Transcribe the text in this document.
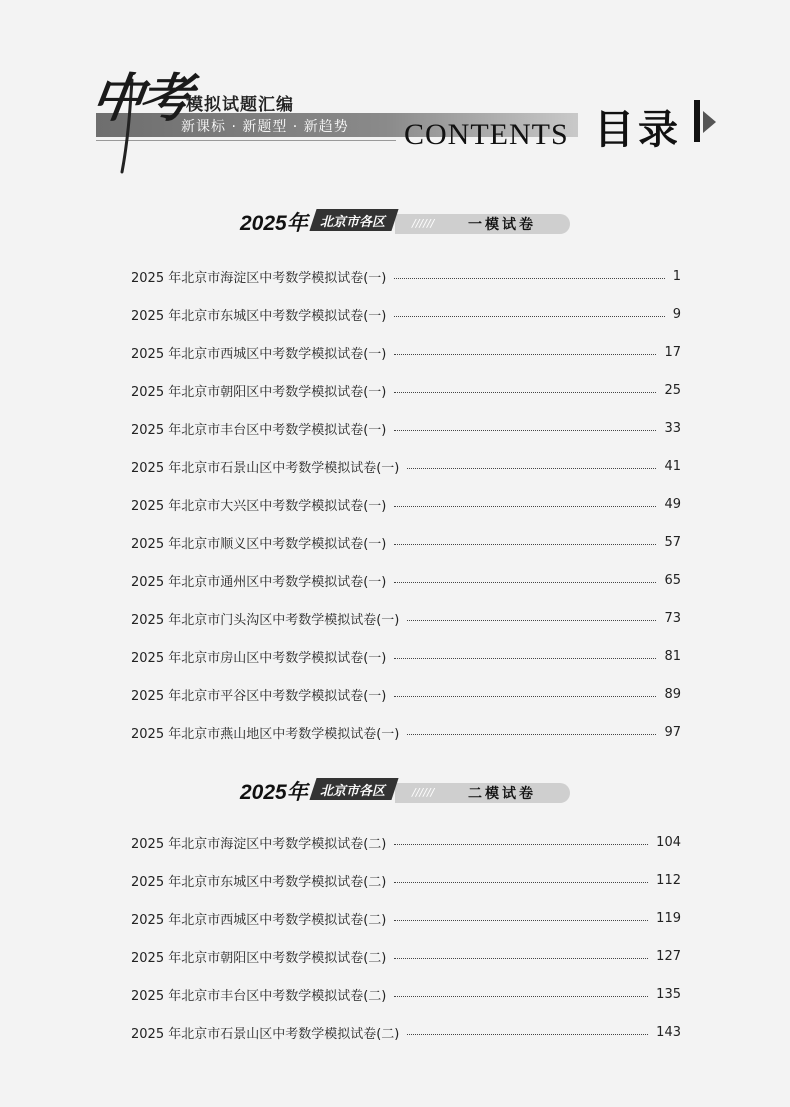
中考
模拟试题汇编
新课标 · 新题型 · 新趋势 CONTENTS 目录
2025年 北京市各区 ////// 一模试卷
2025 年北京市海淀区中考数学模拟试卷(一)	1
2025 年北京市东城区中考数学模拟试卷(一)	9
2025 年北京市西城区中考数学模拟试卷(一)	17
2025 年北京市朝阳区中考数学模拟试卷(一)	25
2025 年北京市丰台区中考数学模拟试卷(一)	33
2025 年北京市石景山区中考数学模拟试卷(一)	41
2025 年北京市大兴区中考数学模拟试卷(一)	49
2025 年北京市顺义区中考数学模拟试卷(一)	57
2025 年北京市通州区中考数学模拟试卷(一)	65
2025 年北京市门头沟区中考数学模拟试卷(一)	73
2025 年北京市房山区中考数学模拟试卷(一)	81
2025 年北京市平谷区中考数学模拟试卷(一)	89
2025 年北京市燕山地区中考数学模拟试卷(一)	97
2025年 北京市各区 ////// 二模试卷
2025 年北京市海淀区中考数学模拟试卷(二)	104
2025 年北京市东城区中考数学模拟试卷(二)	112
2025 年北京市西城区中考数学模拟试卷(二)	119
2025 年北京市朝阳区中考数学模拟试卷(二)	127
2025 年北京市丰台区中考数学模拟试卷(二)	135
2025 年北京市石景山区中考数学模拟试卷(二)	143
